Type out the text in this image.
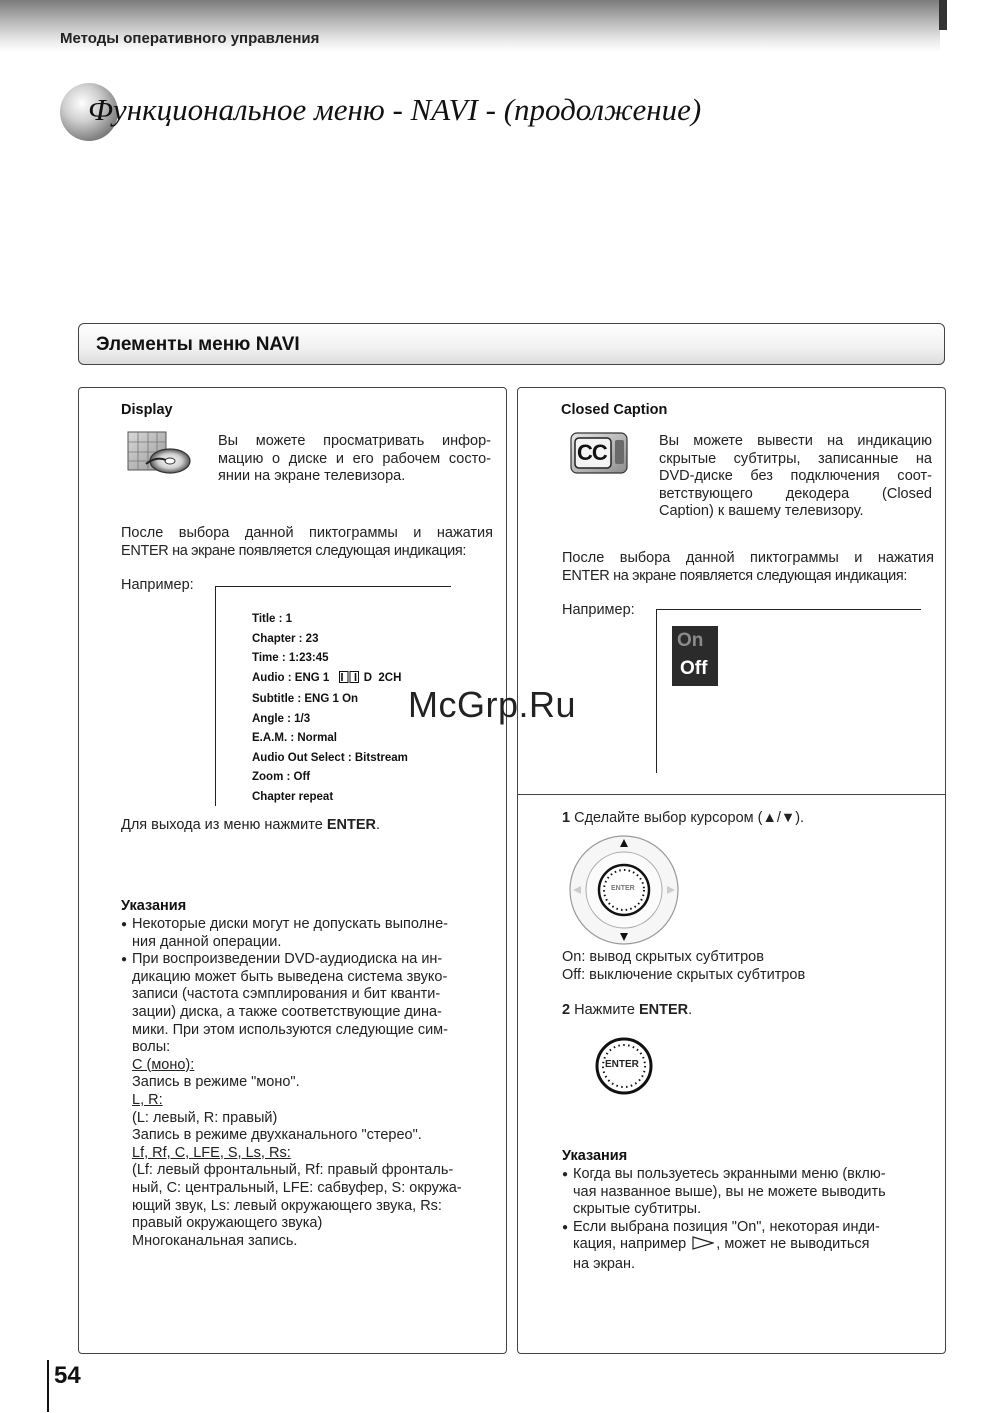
Методы оперативного управления
Функциональное меню - NAVI - (продолжение)
Элементы меню NAVI
Display
Вы можете просматривать инфор-
мацию о диске и его рабочем состо-
янии на экране телевизора.
После выбора данной пиктограммы и нажатия
ENTER на экране появляется следующая индикация:
Например:
Title : 1
Chapter : 23
Time : 1:23:45
Audio : ENG 1	D  2CH
Subtitle : ENG 1 On
Angle : 1/3
E.A.M. : Normal
Audio Out Select : Bitstream
Zoom : Off
Chapter repeat
Для выхода из меню нажмите ENTER.
Указания
● Некоторые диски могут не допускать выполне-
ния данной операции.
● При воспроизведении DVD-аудиодиска на ин-
дикацию может быть выведена система звуко-
записи (частота сэмплирования и бит кванти-
зации) диска, а также соответствующие дина-
мики. При этом используются следующие сим-
волы:
C (моно):
Запись в режиме "моно".
L, R:
(L: левый, R: правый)
Запись в режиме двухканального "стерео".
Lf, Rf, C, LFE, S, Ls, Rs:
(Lf: левый фронтальный, Rf: правый фронталь-
ный, C: центральный, LFE: сабвуфер, S: окружа-
ющий звук, Ls: левый окружающего звука, Rs:
правый окружающего звука)
Многоканальная запись.
Closed Caption
CC	Вы можете вывести на индикацию
скрытые субтитры, записанные на
DVD-диске без подключения соот-
ветствующего декодера (Closed
Caption) к вашему телевизору.
После выбора данной пиктограммы и нажатия
ENTER на экране появляется следующая индикация:
Например:
On
Off
1 Сделайте выбор курсором (▲/▼).
ENTER
On: вывод скрытых субтитров
Off: выключение скрытых субтитров
2 Нажмите ENTER.
ENTER
Указания
● Когда вы пользуетесь экранными меню (вклю-
чая названное выше), вы не можете выводить
скрытые субтитры.
● Если выбрана позиция "On", некоторая инди-
кация, например , может не выводиться
на экран.
McGrp.Ru
54
